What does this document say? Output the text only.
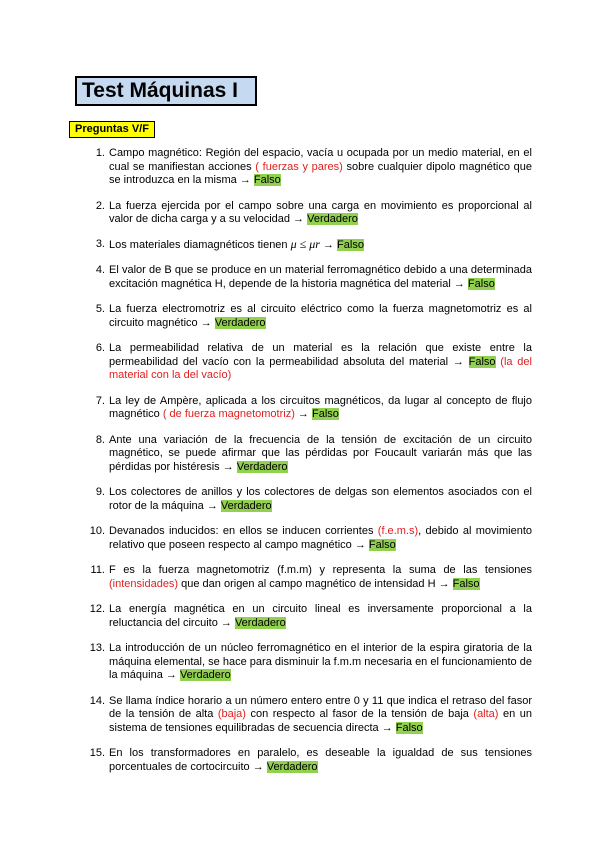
Test Máquinas I
Preguntas V/F
1. Campo magnético: Región del espacio, vacía u ocupada por un medio material, en el cual se manifiestan acciones ( fuerzas y pares) sobre cualquier dipolo magnético que se introduzca en la misma → Falso
2. La fuerza ejercida por el campo sobre una carga en movimiento es proporcional al valor de dicha carga y a su velocidad → Verdadero
3. Los materiales diamagnéticos tienen μ ≤ μr → Falso
4. El valor de B que se produce en un material ferromagnético debido a una determinada excitación magnética H, depende de la historia magnética del material → Falso
5. La fuerza electromotriz es al circuito eléctrico como la fuerza magnetomotriz es al circuito magnético → Verdadero
6. La permeabilidad relativa de un material es la relación que existe entre la permeabilidad del vacío con la permeabilidad absoluta del material → Falso (la del material con la del vacío)
7. La ley de Ampère, aplicada a los circuitos magnéticos, da lugar al concepto de flujo magnético ( de fuerza magnetomotriz) → Falso
8. Ante una variación de la frecuencia de la tensión de excitación de un circuito magnético, se puede afirmar que las pérdidas por Foucault variarán más que las pérdidas por histéresis → Verdadero
9. Los colectores de anillos y los colectores de delgas son elementos asociados con el rotor de la máquina → Verdadero
10. Devanados inducidos: en ellos se inducen corrientes (f.e.m.s), debido al movimiento relativo que poseen respecto al campo magnético → Falso
11. F es la fuerza magnetomotriz (f.m.m) y representa la suma de las tensiones (intensidades) que dan origen al campo magnético de intensidad H → Falso
12. La energía magnética en un circuito lineal es inversamente proporcional a la reluctancia del circuito → Verdadero
13. La introducción de un núcleo ferromagnético en el interior de la espira giratoria de la máquina elemental, se hace para disminuir la f.m.m necesaria en el funcionamiento de la máquina → Verdadero
14. Se llama índice horario a un número entero entre 0 y 11 que indica el retraso del fasor de la tensión de alta (baja) con respecto al fasor de la tensión de baja (alta) en un sistema de tensiones equilibradas de secuencia directa → Falso
15. En los transformadores en paralelo, es deseable la igualdad de sus tensiones porcentuales de cortocircuito → Verdadero
